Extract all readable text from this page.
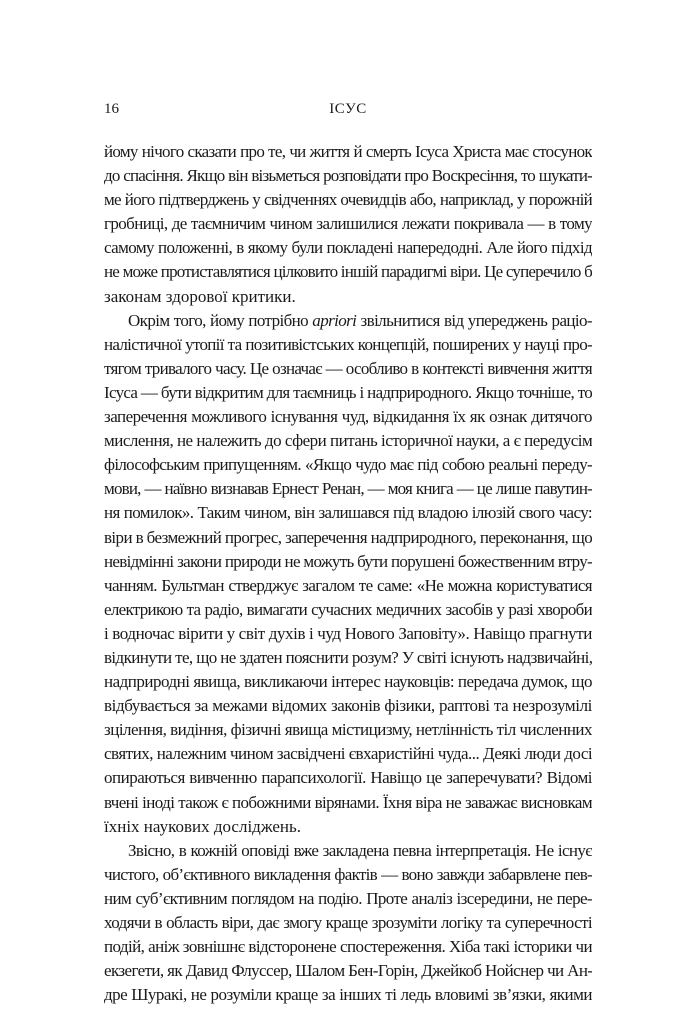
16	ІСУС

йому нічого сказати про те, чи життя й смерть Ісуса Христа має стосунок
до спасіння. Якщо він візьметься розповідати про Воскресіння, то шукати-
ме його підтверджень у свідченнях очевидців або, наприклад, у порожній
гробниці, де таємничим чином залишилися лежати покривала — в тому
самому положенні, в якому були покладені напередодні. Але його підхід
не може протиставлятися цілковито іншій парадигмі віри. Це суперечило б
законам здорової критики.

Окрім того, йому потрібно apriori звільнитися від упереджень раціо-
налістичної утопії та позитивістських концепцій, поширених у науці про-
тягом тривалого часу. Це означає — особливо в контексті вивчення життя
Ісуса — бути відкритим для таємниць і надприродного. Якщо точніше, то
заперечення можливого існування чуд, відкидання їх як ознак дитячого
мислення, не належить до сфери питань історичної науки, а є передусім
філософським припущенням. «Якщо чудо має під собою реальні переду-
мови, — наївно визнавав Ернест Ренан, — моя книга — це лише павутин-
ня помилок». Таким чином, він залишався під владою ілюзій свого часу:
віри в безмежний прогрес, заперечення надприродного, переконання, що
невідмінні закони природи не можуть бути порушені божественним втру-
чанням. Бультман стверджує загалом те саме: «Не можна користуватися
електрикою та радіо, вимагати сучасних медичних засобів у разі хвороби
і водночас вірити у світ духів і чуд Нового Заповіту». Навіщо прагнути
відкинути те, що не здатен пояснити розум? У світі існують надзвичайні,
надприродні явища, викликаючи інтерес науковців: передача думок, що
відбувається за межами відомих законів фізики, раптові та незрозумілі
зцілення, видіння, фізичні явища містицизму, нетлінність тіл численних
святих, належним чином засвідчені євхаристійні чуда... Деякі люди досі
опираються вивченню парапсихології. Навіщо це заперечувати? Відомі
вчені іноді також є побожними вірянами. Їхня віра не заважає висновкам
їхніх наукових досліджень.

Звісно, в кожній оповіді вже закладена певна інтерпретація. Не існує
чистого, об’єктивного викладення фактів — воно завжди забарвлене пев-
ним суб’єктивним поглядом на подію. Проте аналіз ізсередини, не пере-
ходячи в область віри, дає змогу краще зрозуміти логіку та суперечності
подій, аніж зовнішнє відсторонене спостереження. Хіба такі історики чи
екзегети, як Давид Флуссер, Шалом Бен-Горін, Джейкоб Нойснер чи Ан-
дре Шуракі, не розуміли краще за інших ті ледь вловимі зв’язки, якими
